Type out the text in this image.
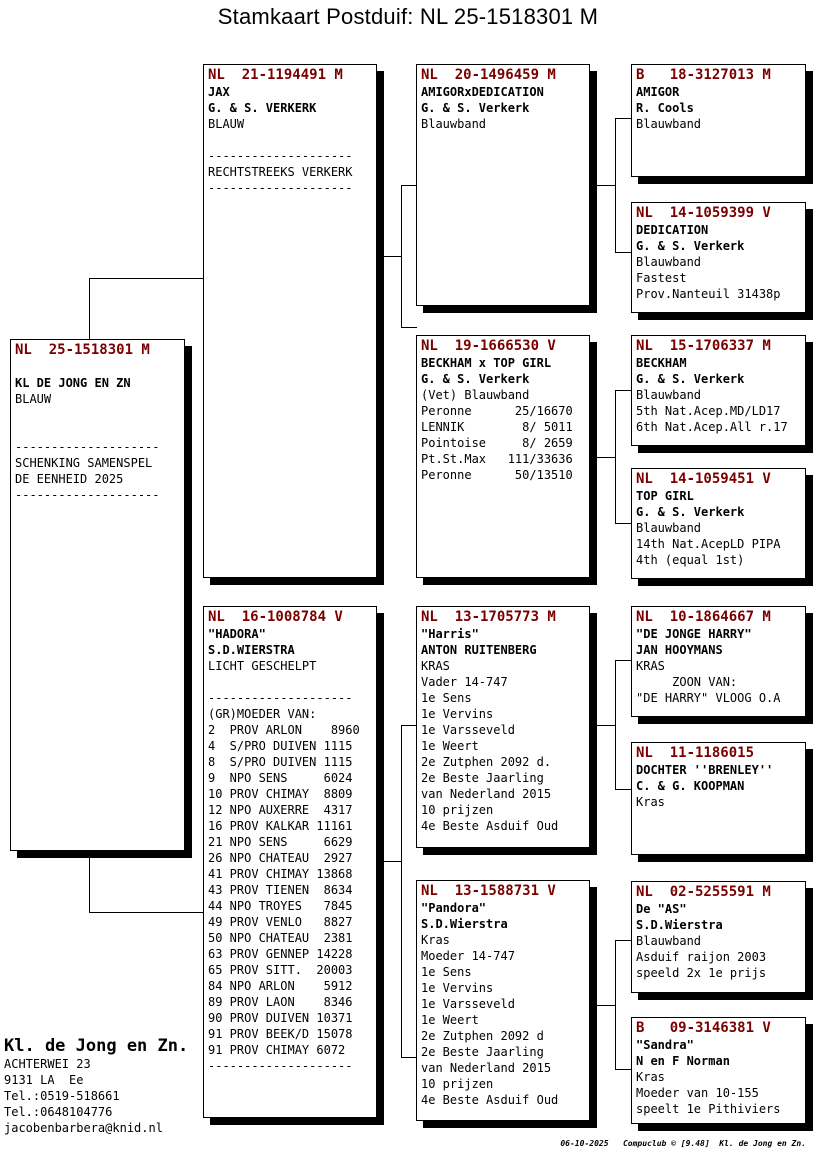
Stamkaart Postduif: NL 25-1518301 M
NL  25-1518301 M
KL DE JONG EN ZN
BLAUW
--------------------
SCHENKING SAMENSPEL
DE EENHEID 2025
--------------------
NL  21-1194491 M
JAX
G. & S. VERKERK
BLAUW
--------------------
RECHTSTREEKS VERKERK
--------------------
NL  16-1008784 V
"HADORA"
S.D.WIERSTRA
LICHT GESCHELPT
--------------------
(GR)MOEDER VAN:
2  PROV ARLON    8960
4  S/PRO DUIVEN 1115
8  S/PRO DUIVEN 1115
9  NPO SENS     6024
10 PROV CHIMAY  8809
12 NPO AUXERRE  4317
16 PROV KALKAR 11161
21 NPO SENS     6629
26 NPO CHATEAU  2927
41 PROV CHIMAY 13868
43 PROV TIENEN  8634
44 NPO TROYES   7845
49 PROV VENLO   8827
50 NPO CHATEAU  2381
63 PROV GENNEP 14228
65 PROV SITT.  20003
84 NPO ARLON    5912
89 PROV LAON    8346
90 PROV DUIVEN 10371
91 PROV BEEK/D 15078
91 PROV CHIMAY 6072
--------------------
NL  20-1496459 M
AMIGORxDEDICATION
G. & S. Verkerk
Blauwband
NL  19-1666530 V
BECKHAM x TOP GIRL
G. & S. Verkerk
(Vet) Blauwband
Peronne      25/16670
LENNIK        8/ 5011
Pointoise     8/ 2659
Pt.St.Max   111/33636
Peronne      50/13510
NL  13-1705773 M
"Harris"
ANTON RUITENBERG
KRAS
Vader 14-747
1e Sens
1e Vervins
1e Varsseveld
1e Weert
2e Zutphen 2092 d.
2e Beste Jaarling
van Nederland 2015
10 prijzen
4e Beste Asduif Oud
NL  13-1588731 V
"Pandora"
S.D.Wierstra
Kras
Moeder 14-747
1e Sens
1e Vervins
1e Varsseveld
1e Weert
2e Zutphen 2092 d
2e Beste Jaarling
van Nederland 2015
10 prijzen
4e Beste Asduif Oud
B   18-3127013 M
AMIGOR
R. Cools
Blauwband
NL  14-1059399 V
DEDICATION
G. & S. Verkerk
Blauwband
Fastest
Prov.Nanteuil 31438p
NL  15-1706337 M
BECKHAM
G. & S. Verkerk
Blauwband
5th Nat.Acep.MD/LD17
6th Nat.Acep.All r.17
NL  14-1059451 V
TOP GIRL
G. & S. Verkerk
Blauwband
14th Nat.AcepLD PIPA
4th (equal 1st)
NL  10-1864667 M
"DE JONGE HARRY"
JAN HOOYMANS
KRAS
ZOON VAN:
"DE HARRY" VLOOG O.A
NL  11-1186015
DOCHTER ''BRENLEY''
C. & G. KOOPMAN
Kras
NL  02-5255591 M
De "AS"
S.D.Wierstra
Blauwband
Asduif raijon 2003
speeld 2x 1e prijs
B   09-3146381 V
"Sandra"
N en F Norman
Kras
Moeder van 10-155
speelt 1e Pithiviers
Kl. de Jong en Zn.
ACHTERWEI 23
9131 LA  Ee
Tel.:0519-518661
Tel.:0648104776
jacobenbarbera@knid.nl
06-10-2025   Compuclub © [9.48]  Kl. de Jong en Zn.
